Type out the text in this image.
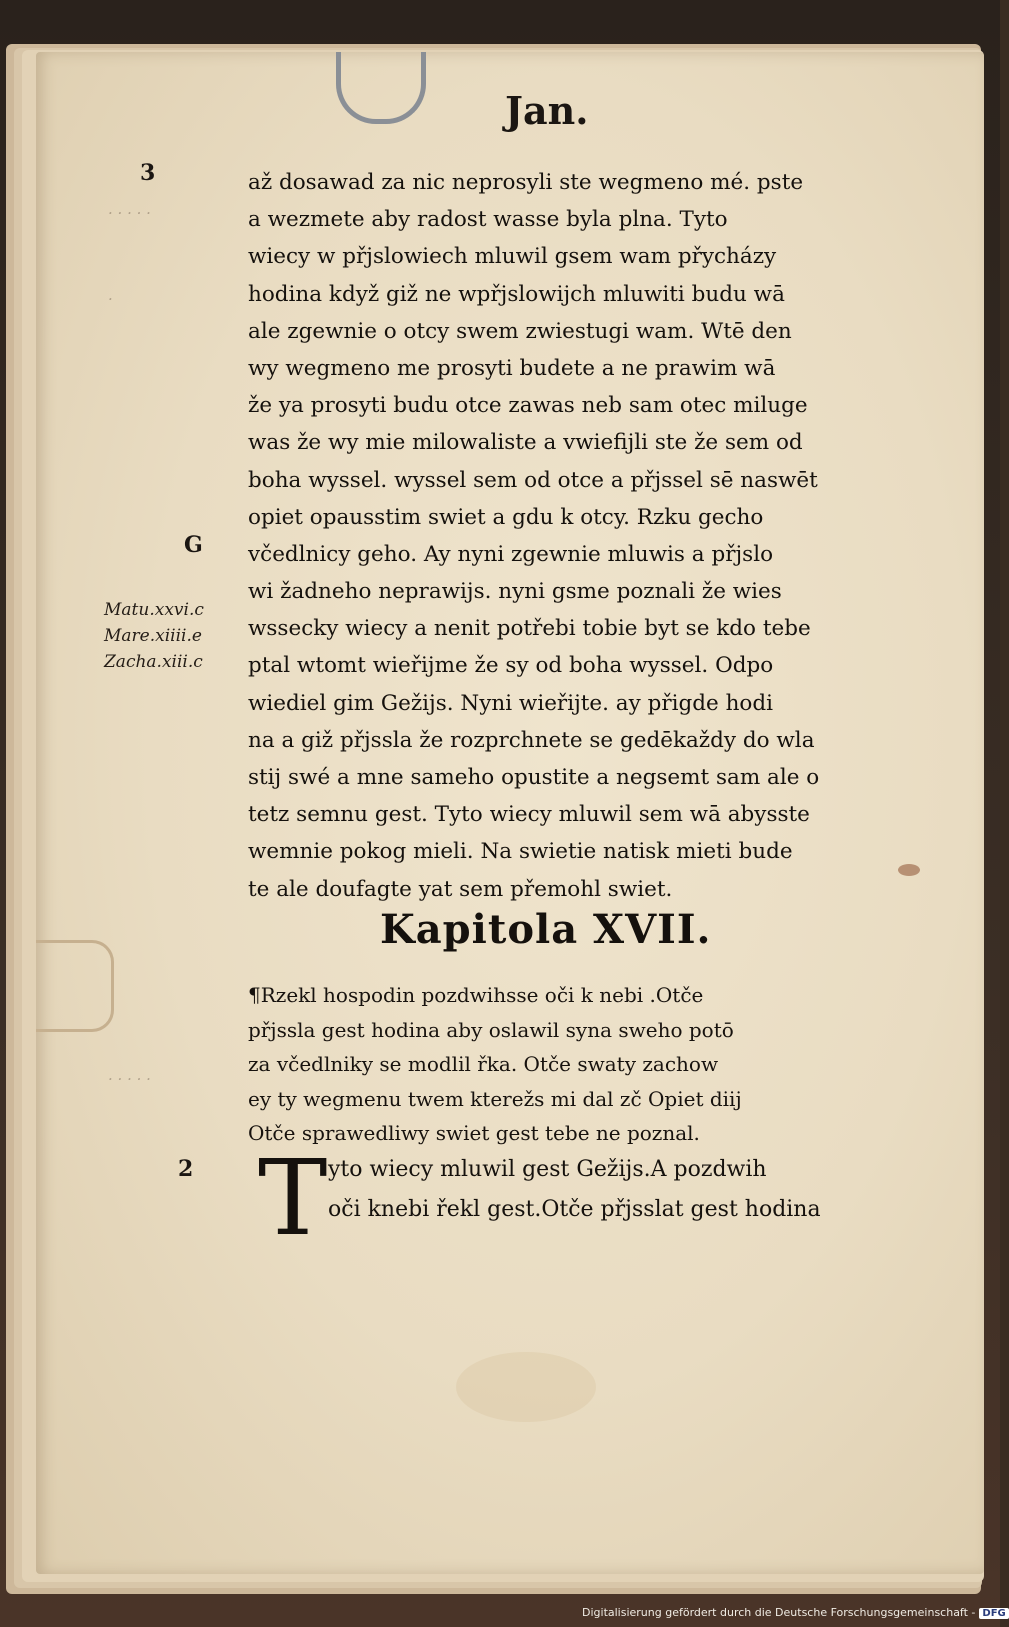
Jan.
3
G
2
· · · · ·
·
· · · · ·
Matu.xxvi.c
Mare.xiiii.e
Zacha.xiii.c
až dosawad za nic neprosyli ste wegmeno mé. pste
a wezmete aby radost wasse byla plna. Tyto
wiecy w přjslowiech mluwil gsem wam přycházy
hodina když giž ne wpřjslowijch mluwiti budu wā
ale zgewnie o otcy swem zwiestugi wam. Wtē den
wy wegmeno me prosyti budete a ne prawim wā
že ya prosyti budu otce zawas neb sam otec miluge
was že wy mie milowaliste a vwiefijli ste že sem od
boha wyssel. wyssel sem od otce a přjssel sē naswēt
opiet opausstim swiet a gdu k otcy. Rzku gecho
včedlnicy geho. Ay nyni zgewnie mluwis a přjslo
wi žadneho neprawijs. nyni gsme poznali že wies
wssecky wiecy a nenit potřebi tobie byt se kdo tebe
ptal wtomt wieřijme že sy od boha wyssel. Odpo
wiediel gim Gežijs. Nyni wieřijte. ay přigde hodi
na a giž přjssla že rozprchnete se gedēkaždy do wla
stij swé a mne sameho opustite a negsemt sam ale o
tetz semnu gest. Tyto wiecy mluwil sem wā abysste
wemnie pokog mieli. Na swietie natisk mieti bude
te ale doufagte yat sem přemohl swiet.
Kapitola XVII.
¶Rzekl hospodin pozdwihsse oči k nebi .Otče
přjssla gest hodina aby oslawil syna sweho potō
za včedlniky se modlil řka. Otče swaty zachow
ey ty wegmenu twem kterežs mi dal zč Opiet diij
Otče sprawedliwy swiet gest tebe ne poznal.
T yto wiecy mluwil gest Gežijs.A pozdwih
oči knebi řekl gest.Otče přjsslat gest hodina
Digitalisierung gefördert durch die Deutsche Forschungsgemeinschaft - DFG
